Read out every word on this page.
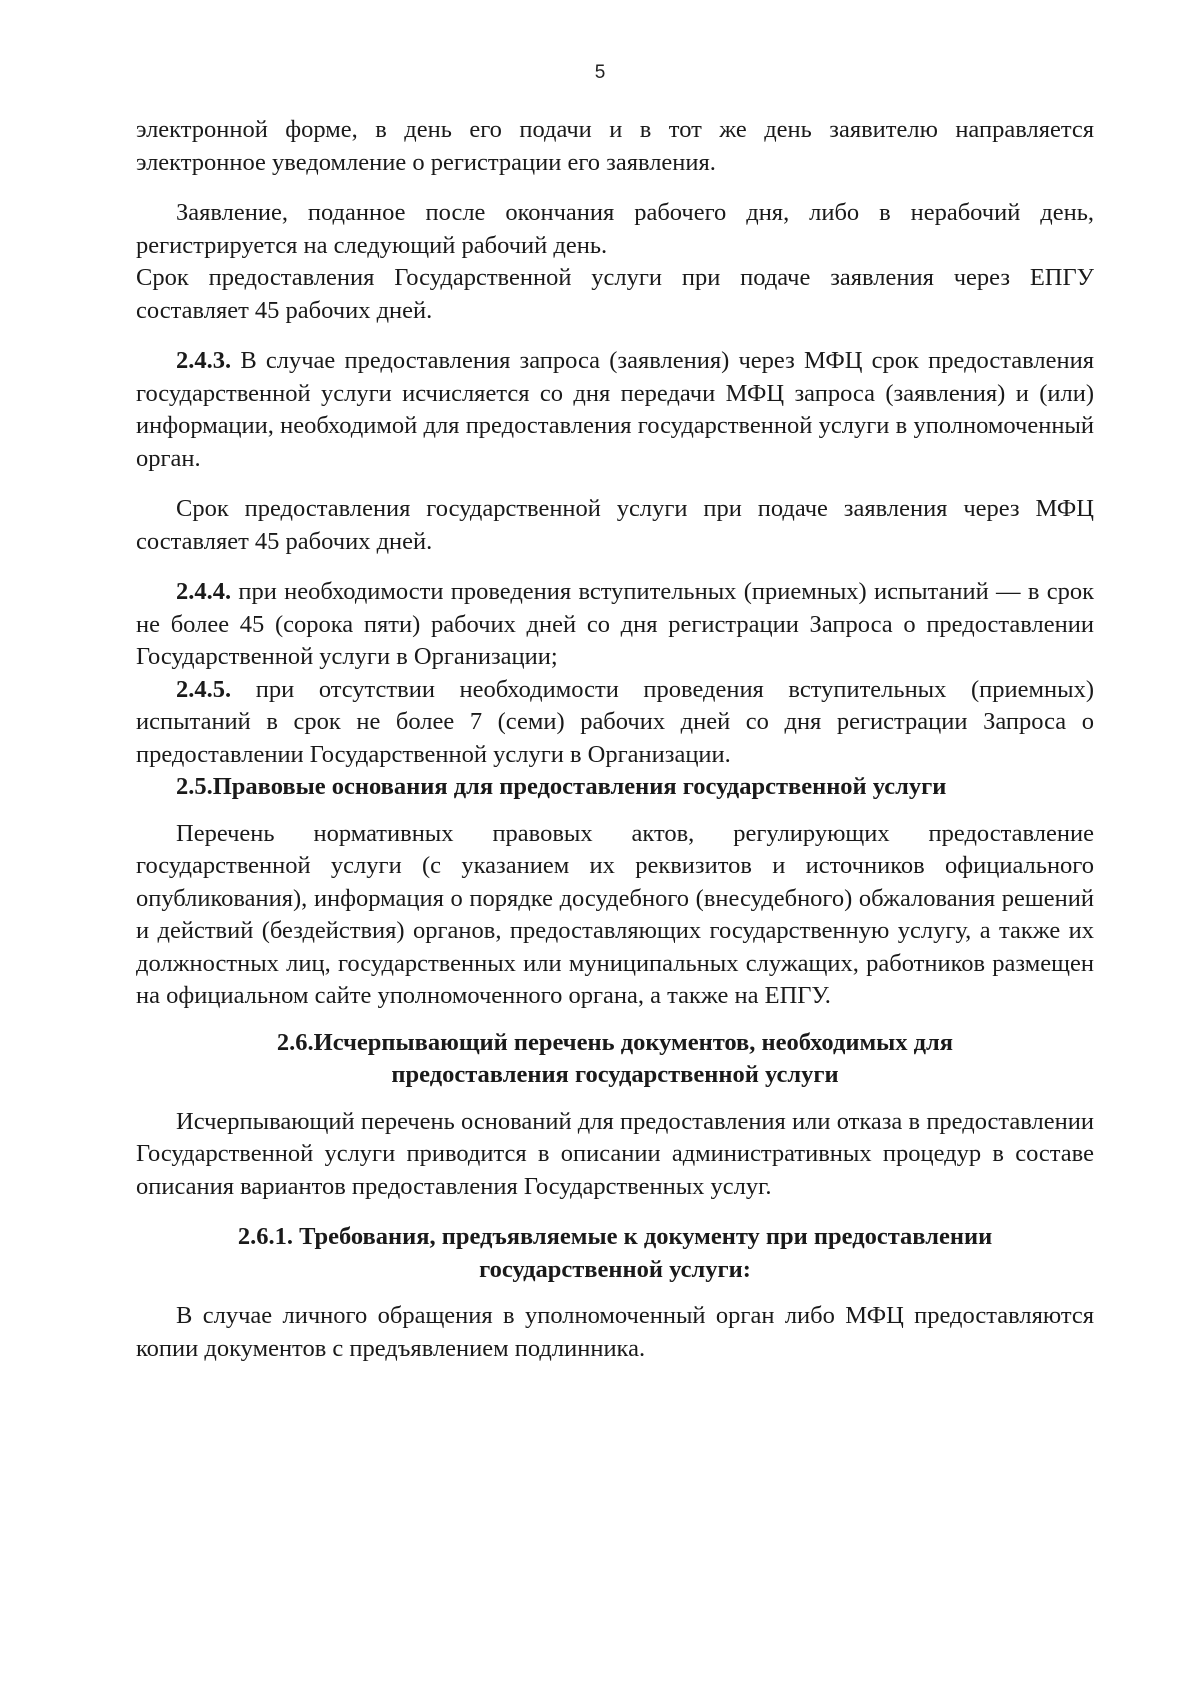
5

электронной форме, в день его подачи и в тот же день заявителю направляется электронное уведомление о регистрации его заявления.

Заявление, поданное после окончания рабочего дня, либо в нерабочий день, регистрируется на следующий рабочий день.

Срок предоставления Государственной услуги при подаче заявления через ЕПГУ составляет 45 рабочих дней.

2.4.3. В случае предоставления запроса (заявления) через МФЦ срок предоставления государственной услуги исчисляется со дня передачи МФЦ запроса (заявления) и (или) информации, необходимой для предоставления государственной услуги в уполномоченный орган.

Срок предоставления государственной услуги при подаче заявления через МФЦ составляет 45 рабочих дней.

2.4.4. при необходимости проведения вступительных (приемных) испытаний — в срок не более 45 (сорока пяти) рабочих дней со дня регистрации Запроса о предоставлении Государственной услуги в Организации;

2.4.5. при отсутствии необходимости проведения вступительных (приемных) испытаний в срок не более 7 (семи) рабочих дней со дня регистрации Запроса о предоставлении Государственной услуги в Организации.

2.5.Правовые основания для предоставления государственной услуги

Перечень нормативных правовых актов, регулирующих предоставление государственной услуги (с указанием их реквизитов и источников официального опубликования), информация о порядке досудебного (внесудебного) обжалования решений и действий (бездействия) органов, предоставляющих государственную услугу, а также их должностных лиц, государственных или муниципальных служащих, работников размещен на официальном сайте уполномоченного органа, а также на ЕПГУ.

2.6.Исчерпывающий перечень документов, необходимых для

предоставления государственной услуги

Исчерпывающий перечень оснований для предоставления или отказа в предоставлении Государственной услуги приводится в описании административных процедур в составе описания вариантов предоставления Государственных услуг.

2.6.1. Требования, предъявляемые к документу при предоставлении

государственной услуги:

В случае личного обращения в уполномоченный орган либо МФЦ предоставляются копии документов с предъявлением подлинника.
